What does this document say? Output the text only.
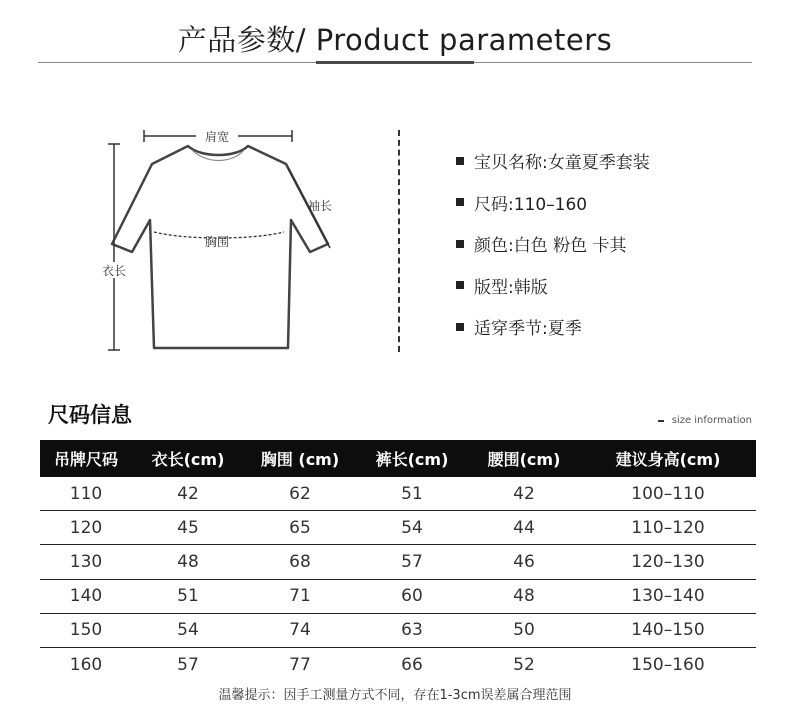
产品参数/ Product parameters
肩宽
袖长
胸围
衣长
宝贝名称:女童夏季套装
尺码:110–160
颜色:白色 粉色 卡其
版型:韩版
适穿季节:夏季
尺码信息	size information
吊牌尺码	衣长(cm)	胸围 (cm)	裤长(cm)	腰围(cm)	建议身高(cm)
110	42	62	51	42	100–110
120	45	65	54	44	110–120
130	48	68	57	46	120–130
140	51	71	60	48	130–140
150	54	74	63	50	140–150
160	57	77	66	52	150–160
温馨提示：因手工测量方式不同，存在1-3cm误差属合理范围
